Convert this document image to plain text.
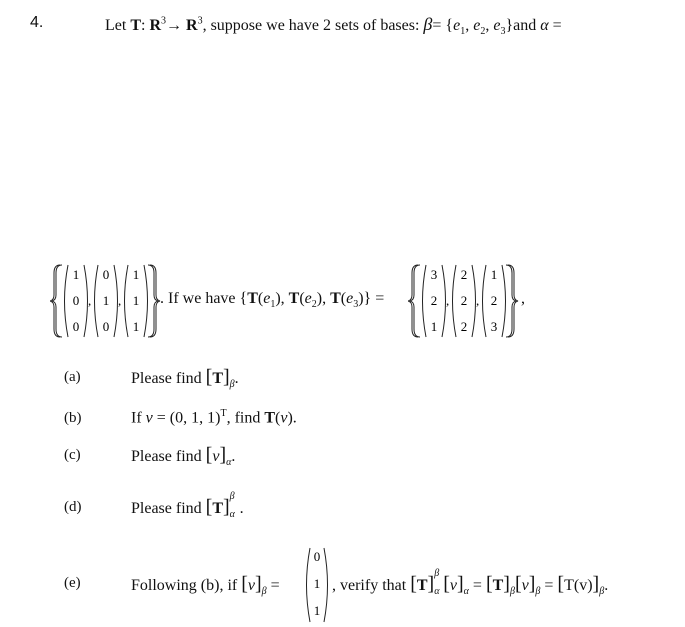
4.	Let T: $R^3\to R^3$, suppose we have 2 sets of bases: $\beta= \{e_1$, $e_2$, $e_3\}and$ α =
1
0
0
,
0
1
0
,
1
1
1
. If we have {$T(e_1)$, $T(e_2)$, $T(e_3)$} =
3
2
1
,
2
2
2
,
1
2
3
,
(a)	Please find $[T]_\beta$.
(b)	If v = (0, 1, 1)$^T$, find T(v).
(c)	Please find $[v]_\alpha$.
(d)	Please find [T] β
α .
(e)	Following (b), if $[v]_\beta$ =
0
1
1
, verify that [T] β
α $[v]_\alpha = [T]_\beta[v]_\beta = [T(v)]_\beta$.
